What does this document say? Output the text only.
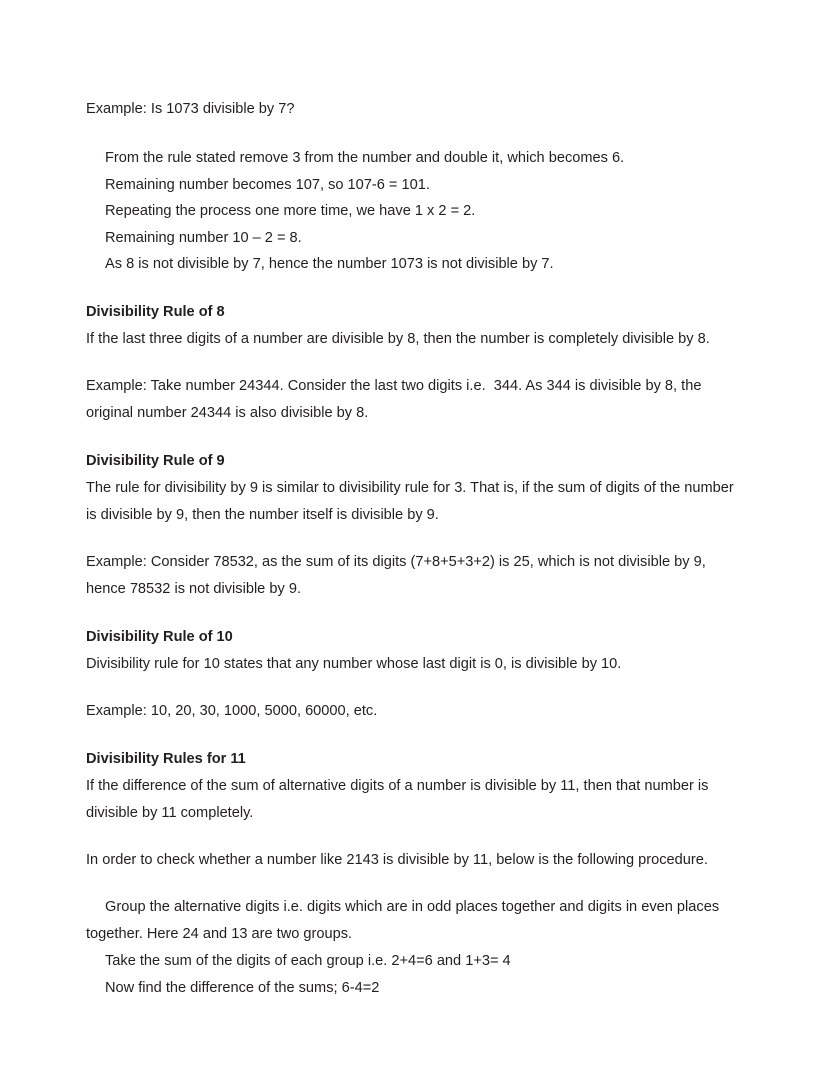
Example: Is 1073 divisible by 7?

From the rule stated remove 3 from the number and double it, which becomes 6.
Remaining number becomes 107, so 107-6 = 101.
Repeating the process one more time, we have 1 x 2 = 2.
Remaining number 10 – 2 = 8.
As 8 is not divisible by 7, hence the number 1073 is not divisible by 7.
Divisibility Rule of 8

If the last three digits of a number are divisible by 8, then the number is completely divisible by 8.

Example: Take number 24344. Consider the last two digits i.e.  344. As 344 is divisible by 8, the original number 24344 is also divisible by 8.

Divisibility Rule of 9

The rule for divisibility by 9 is similar to divisibility rule for 3. That is, if the sum of digits of the number is divisible by 9, then the number itself is divisible by 9.

Example: Consider 78532, as the sum of its digits (7+8+5+3+2) is 25, which is not divisible by 9, hence 78532 is not divisible by 9.

Divisibility Rule of 10

Divisibility rule for 10 states that any number whose last digit is 0, is divisible by 10.

Example: 10, 20, 30, 1000, 5000, 60000, etc.

Divisibility Rules for 11

If the difference of the sum of alternative digits of a number is divisible by 11, then that number is divisible by 11 completely.

In order to check whether a number like 2143 is divisible by 11, below is the following procedure.

Group the alternative digits i.e. digits which are in odd places together and digits in even places together. Here 24 and 13 are two groups.

Take the sum of the digits of each group i.e. 2+4=6 and 1+3= 4
Now find the difference of the sums; 6-4=2
